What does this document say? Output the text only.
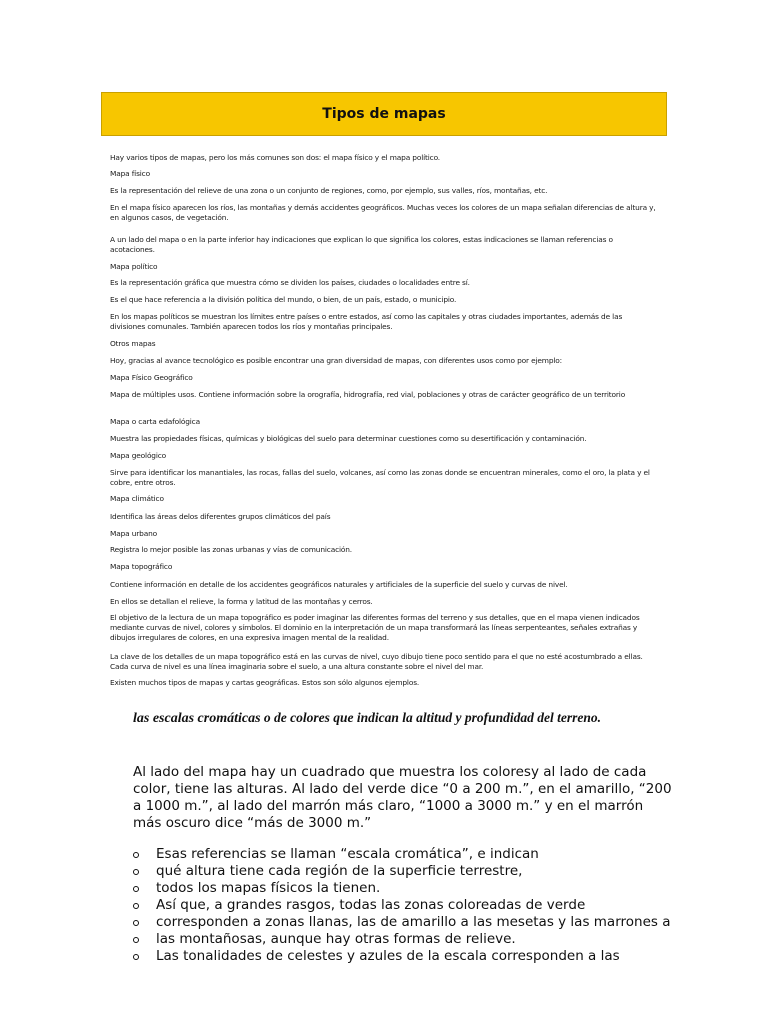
Tipos de mapas

Hay varios tipos de mapas, pero los más comunes son dos: el mapa físico y el mapa político.

Mapa físico

Es la representación del relieve de una zona o un conjunto de regiones, como, por ejemplo, sus valles, ríos, montañas, etc.

En el mapa físico aparecen los ríos, las montañas y demás accidentes geográficos. Muchas veces los colores de un mapa señalan diferencias de altura y, en algunos casos, de vegetación.

A un lado del mapa o en la parte inferior hay indicaciones que explican lo que significa los colores, estas indicaciones se llaman referencias o acotaciones.

Mapa político

Es la representación gráfica que muestra cómo se dividen los países, ciudades o localidades entre sí.

Es el que hace referencia a la división política del mundo, o bien, de un país, estado, o municipio.

En los mapas políticos se muestran los límites entre países o entre estados, así como las capitales y otras ciudades importantes, además de las divisiones comunales. También aparecen todos los ríos y montañas principales.

Otros mapas

Hoy, gracias al avance tecnológico es posible encontrar una gran diversidad de mapas, con diferentes usos como por ejemplo:

Mapa Físico Geográfico

Mapa de múltiples usos. Contiene información sobre la orografía, hidrografía, red vial, poblaciones y otras de carácter geográfico de un territorio

Mapa o carta edafológica

Muestra las propiedades físicas, químicas y biológicas del suelo para determinar cuestiones como su desertificación y contaminación.

Mapa geológico

Sirve para identificar los manantiales, las rocas, fallas del suelo, volcanes, así como las zonas donde se encuentran minerales, como el oro, la plata y el cobre, entre otros.

Mapa climático

Identifica las áreas delos diferentes grupos climáticos del país

Mapa urbano

Registra lo mejor posible las zonas urbanas y vías de comunicación.

Mapa topográfico

Contiene información en detalle de los accidentes geográficos naturales y artificiales de la superficie del suelo y curvas de nivel.

En ellos se detallan el relieve, la forma y latitud de las montañas y cerros.

El objetivo de la lectura de un mapa topográfico es poder imaginar las diferentes formas del terreno y sus detalles, que en el mapa vienen indicados mediante curvas de nivel, colores y símbolos. El dominio en la interpretación de un mapa transformará las líneas serpenteantes, señales extrañas y dibujos irregulares de colores, en una expresiva imagen mental de la realidad.

La clave de los detalles de un mapa topográfico está en las curvas de nivel, cuyo dibujo tiene poco sentido para el que no esté acostumbrado a ellas. Cada curva de nivel es una línea imaginaria sobre el suelo, a una altura constante sobre el nivel del mar.

Existen muchos tipos de mapas y cartas geográficas. Estos son sólo algunos ejemplos.

las escalas cromáticas o de colores que indican la altitud y profundidad del terreno.
Al lado del mapa hay un cuadrado que muestra los coloresy al lado de cada color, tiene las alturas. Al lado del verde dice “0 a 200 m.”, en el amarillo, “200 a 1000 m.”, al lado del marrón más claro, “1000 a 3000 m.” y en el marrón más oscuro dice “más de 3000 m.”
Esas referencias se llaman “escala cromática”, e indican
qué altura tiene cada región de la superficie terrestre,
todos los mapas físicos la tienen.
Así que, a grandes rasgos, todas las zonas coloreadas de verde
corresponden a zonas llanas, las de amarillo a las mesetas y las marrones a
las montañosas, aunque hay otras formas de relieve.
Las tonalidades de celestes y azules de la escala corresponden a las
